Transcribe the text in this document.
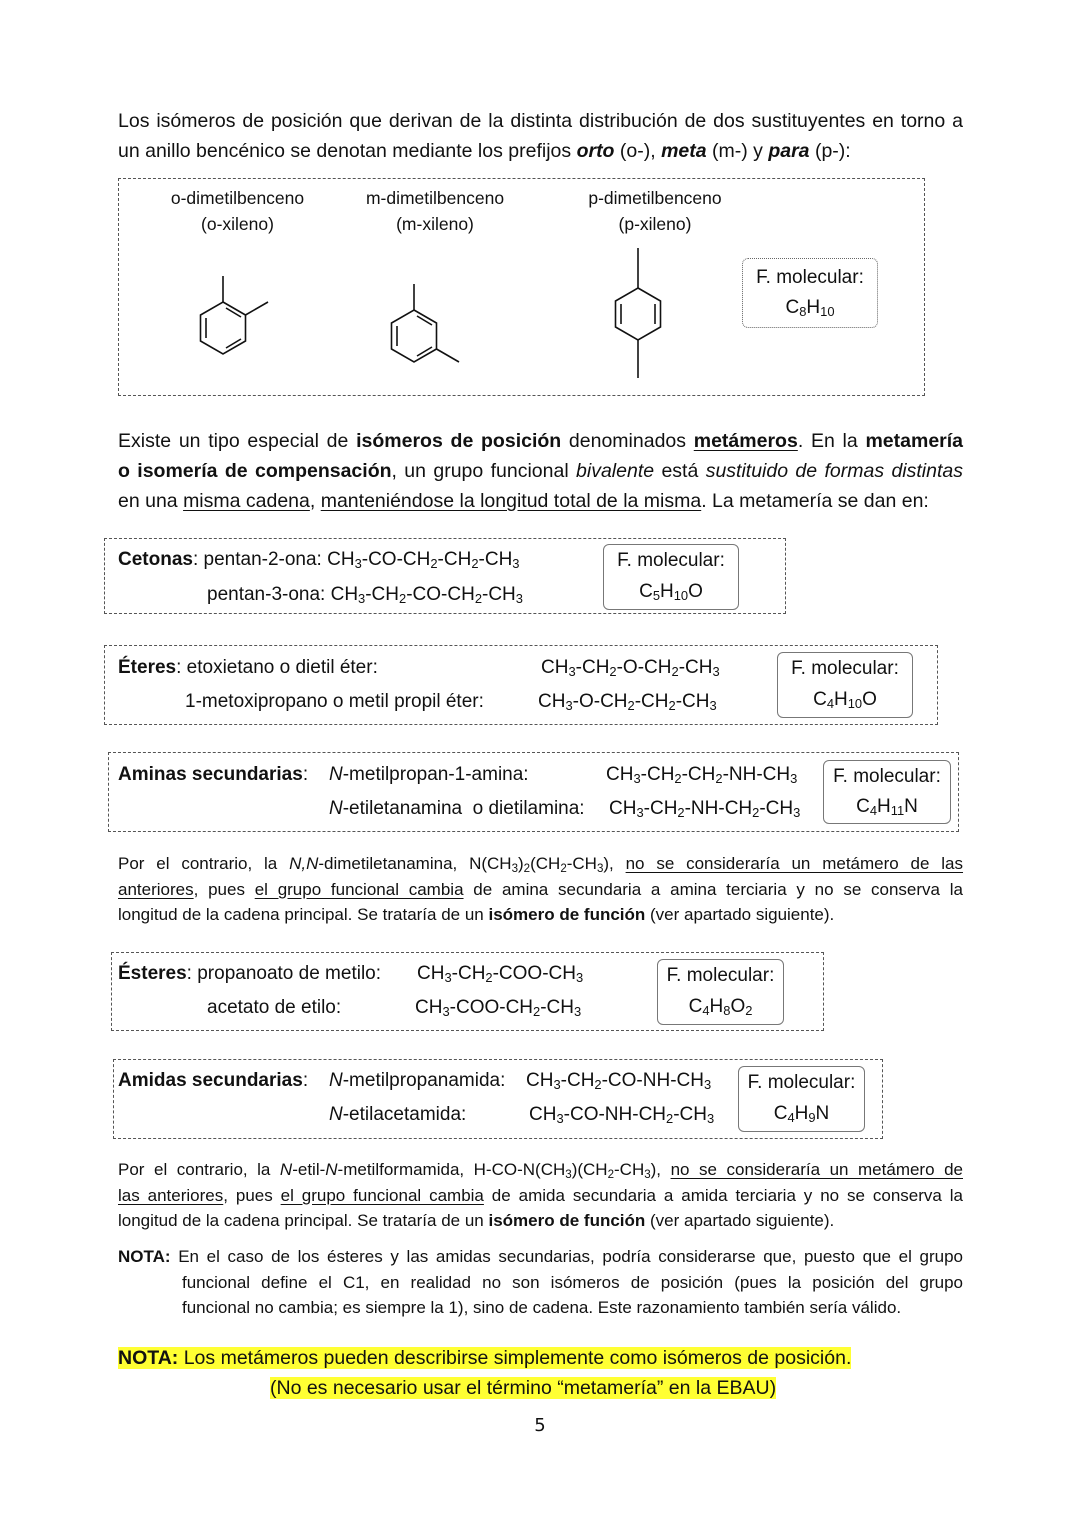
Los isómeros de posición que derivan de la distinta distribución de dos sustituyentes en torno a
un anillo bencénico se denotan mediante los prefijos orto (o-), meta (m-) y para (p-):
o-dimetilbenceno
(o-xileno)
m-dimetilbenceno
(m-xileno)
p-dimetilbenceno
(p-xileno)
F. molecular:
$C_8H_{10}$
Existe un tipo especial de isómeros de posición denominados metámeros. En la metamería
o isomería de compensación, un grupo funcional bivalente está sustituido de formas distintas
en una misma cadena, manteniéndose la longitud total de la misma. La metamería se dan en:
Cetonas: pentan-2-ona: $CH_3-CO-CH_2-CH_2-CH_3$
pentan-3-ona: $CH_3-CH_2-CO-CH_2-CH_3$
F. molecular:
$C_5H_{10}O$
Éteres: etoxietano o dietil éter:	$CH_3-CH_2-O-CH_2-CH_3$
1-metoxipropano o metil propil éter:	$CH_3-O-CH_2-CH_2-CH_3$
F. molecular:
$C_4H_{10}O$
Aminas secundarias: N-metilpropan-1-amina:	$CH_3-CH_2-CH_2-NH-CH_3$
N-etiletanamina  o dietilamina: $CH_3-CH_2-NH-CH_2-CH_3$
F. molecular:
$C_4H_{11}N$
Por el contrario, la N,N-dimetiletanamina, $N(CH_3)_2(CH_2-CH_3)$, no se consideraría un metámero de las
anteriores, pues el grupo funcional cambia de amina secundaria a amina terciaria y no se conserva la
longitud de la cadena principal. Se trataría de un isómero de función (ver apartado siguiente).
Ésteres: propanoato de metilo: $CH_3-CH_2-COO-CH_3$
acetato de etilo:	$CH_3-COO-CH_2-CH_3$
F. molecular:
$C_4H_8O_2$
Amidas secundarias: N-metilpropanamida: $CH_3-CH_2-CO-NH-CH_3$
N-etilacetamida:	$CH_3-CO-NH-CH_2-CH_3$
F. molecular:
$C_4H_9N$
Por el contrario, la N-etil-N-metilformamida, $H-CO-N(CH_3)(CH_2-CH_3)$, no se consideraría un metámero de
las anteriores, pues el grupo funcional cambia de amida secundaria a amida terciaria y no se conserva la
longitud de la cadena principal. Se trataría de un isómero de función (ver apartado siguiente).
NOTA: En el caso de los ésteres y las amidas secundarias, podría considerarse que, puesto que el grupo
funcional define el C1, en realidad no son isómeros de posición (pues la posición del grupo
funcional no cambia; es siempre la 1), sino de cadena. Este razonamiento también sería válido.
NOTA: Los metámeros pueden describirse simplemente como isómeros de posición.
(No es necesario usar el término “metamería” en la EBAU)
5
